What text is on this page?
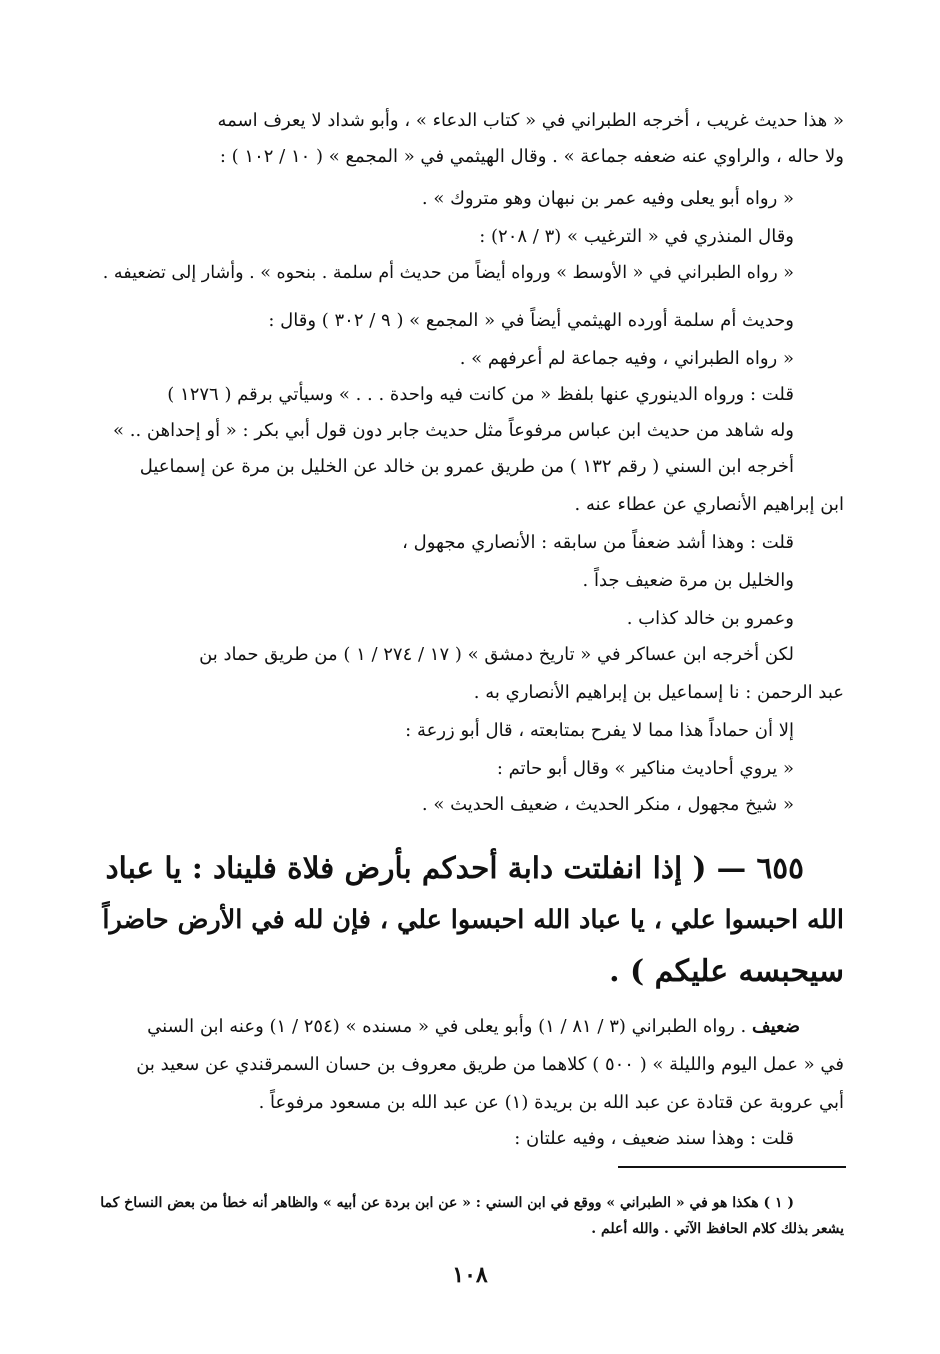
« هذا حديث غريب ، أخرجه الطبراني في « كتاب الدعاء » ، وأبو شداد لا يعرف اسمه
ولا حاله ، والراوي عنه ضعفه جماعة » . وقال الهيثمي في « المجمع » ( ١٠ / ١٠٢ ) :
« رواه أبو يعلى وفيه عمر بن نبهان وهو متروك » .
وقال المنذري في « الترغيب » (٣ / ٢٠٨) :
« رواه الطبراني في « الأوسط » ورواه أيضاً من حديث أم سلمة . بنحوه » . وأشار إلى تضعيفه .
وحديث أم سلمة أورده الهيثمي أيضاً في « المجمع » ( ٩ / ٣٠٢ ) وقال :
« رواه الطبراني ، وفيه جماعة لم أعرفهم » .
قلت : ورواه الدينوري عنها بلفظ « من كانت فيه واحدة . . . » وسيأتي برقم ( ١٢٧٦ )
وله شاهد من حديث ابن عباس مرفوعاً مثل حديث جابر دون قول أبي بكر : « أو إحداهن .. »
أخرجه ابن السني ( رقم ١٣٢ ) من طريق عمرو بن خالد عن الخليل بن مرة عن إسماعيل
ابن إبراهيم الأنصاري عن عطاء عنه .
قلت : وهذا أشد ضعفاً من سابقه : الأنصاري مجهول ،
والخليل بن مرة ضعيف جداً .
وعمرو بن خالد كذاب .
لكن أخرجه ابن عساكر في « تاريخ دمشق » ( ١٧ / ٢٧٤ / ١ ) من طريق حماد بن
عبد الرحمن : نا إسماعيل بن إبراهيم الأنصاري به .
إلا أن حماداً هذا مما لا يفرح بمتابعته ، قال أبو زرعة :
« يروي أحاديث مناكير » وقال أبو حاتم :
« شيخ مجهول ، منكر الحديث ، ضعيف الحديث » .
٦٥٥ — ( إذا انفلتت دابة أحدكم بأرض فلاة فليناد : يا عباد
الله احبسوا علي ، يا عباد الله احبسوا علي ، فإن لله في الأرض حاضراً
سيحبسه عليكم ) .
ضعيف . رواه الطبراني (٣ / ٨١ / ١) وأبو يعلى في « مسنده » (٢٥٤ / ١) وعنه ابن السني
في « عمل اليوم والليلة » ( ٥٠٠ ) كلاهما من طريق معروف بن حسان السمرقندي عن سعيد بن
أبي عروبة عن قتادة عن عبد الله بن بريدة (١) عن عبد الله بن مسعود مرفوعاً .
قلت : وهذا سند ضعيف ، وفيه علتان :
( ١ ) هكذا هو في « الطبراني » ووقع في ابن السني : « عن ابن بردة عن أبيه » والظاهر أنه خطأ من بعض النساخ كما
يشعر بذلك كلام الحافظ الآتي . والله أعلم .
١٠٨
